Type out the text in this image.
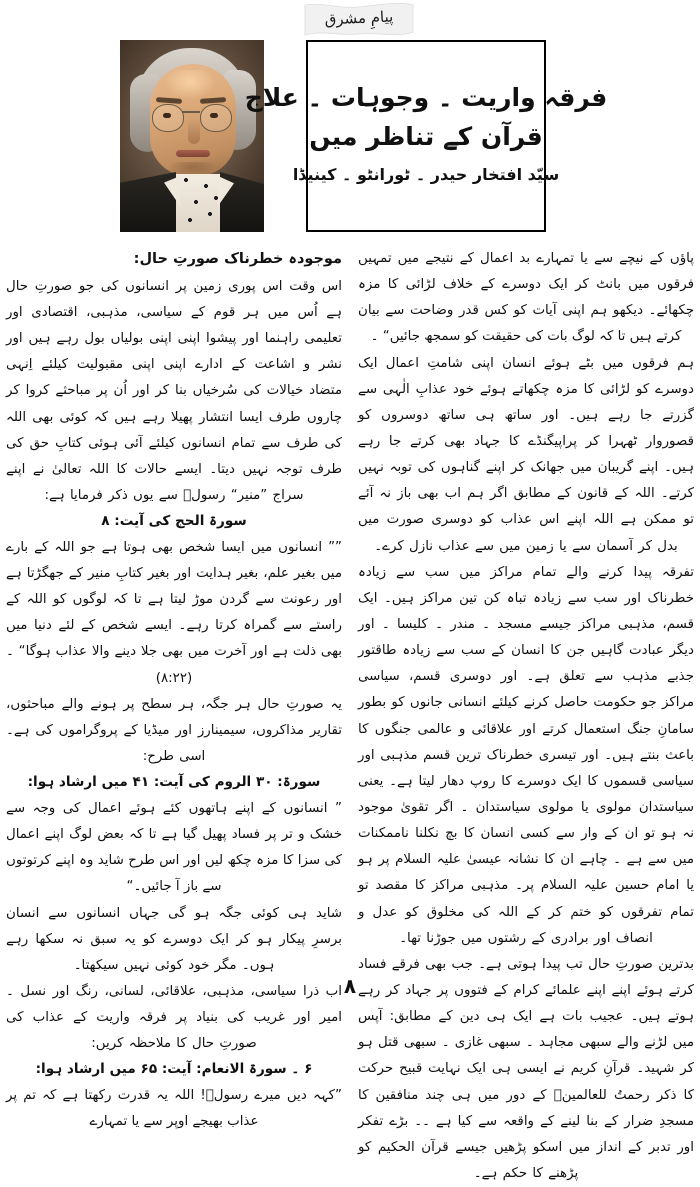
پیامِ مشرق
فرقہ واریت ۔ وجوہات ۔ علاج
قرآن کے تناظر میں
سیّد افتخار حیدر ۔ ٹورانٹو ۔ کینیڈا

پاؤں کے نیچے سے یا تمہارے بد اعمال کے نتیجے میں تمہیں فرقوں میں بانٹ کر ایک دوسرے کے خلاف لڑائی کا مزہ چکھائے۔ دیکھو ہم اپنی آیات کو کس قدر وضاحت سے بیان کرتے ہیں تا کہ لوگ بات کی حقیقت کو سمجھ جائیں“ ۔

ہم فرقوں میں بٹے ہوئے انسان اپنی شامتِ اعمال ایک دوسرے کو لڑائی کا مزہ چکھاتے ہوئے خود عذابِ الٰہی سے گزرتے جا رہے ہیں۔ اور ساتھ ہی ساتھ دوسروں کو قصوروار ٹھہرا کر پراپیگنڈے کا جہاد بھی کرتے جا رہے ہیں۔ اپنے گریبان میں جھانک کر اپنے گناہوں کی توبہ نہیں کرتے۔ اللہ کے قانون کے مطابق اگر ہم اب بھی باز نہ آئے تو ممکن ہے اللہ اپنے اس عذاب کو دوسری صورت میں بدل کر آسمان سے یا زمین میں سے عذاب نازل کرے۔

تفرقہ پیدا کرنے والے تمام مراکز میں سب سے زیادہ خطرناک اور سب سے زیادہ تباہ کن تین مراکز ہیں۔ ایک قسم، مذہبی مراکز جیسے مسجد ۔ مندر ۔ کلیسا ۔ اور دیگر عبادت گاہیں جن کا انسان کے سب سے زیادہ طاقتور جذبے مذہب سے تعلق ہے۔ اور دوسری قسم، سیاسی مراکز جو حکومت حاصل کرنے کیلئے انسانی جانوں کو بطور سامانِ جنگ استعمال کرتے اور علاقائی و عالمی جنگوں کا باعث بنتے ہیں۔ اور تیسری خطرناک ترین قسم مذہبی اور سیاسی قسموں کا ایک دوسرے کا روپ دھار لیتا ہے۔ یعنی سیاستدان مولوی یا مولوی سیاستدان ۔ اگر تقویٰ موجود نہ ہو تو ان کے وار سے کسی انسان کا بچ نکلنا ناممکنات میں سے ہے ۔ چاہے ان کا نشانہ عیسیٰ علیہ السلام پر ہو یا امام حسین علیہ السلام پر۔ مذہبی مراکز کا مقصد تو تمام تفرقوں کو ختم کر کے اللہ کی مخلوق کو عدل و انصاف اور برادری کے رشتوں میں جوڑنا تھا۔

بدترین صورتِ حال تب پیدا ہوتی ہے۔ جب بھی فرقے فساد کرتے ہوئے اپنے اپنے علمائے کرام کے فتووں پر جہاد کر رہے ہوتے ہیں۔ عجیب بات ہے ایک ہی دین کے مطابق: آپس میں لڑنے والے سبھی مجاہد ۔ سبھی غازی ۔ سبھی قتل ہو کر شہید۔ قرآنِ کریم نے ایسی ہی ایک نہایت قبیح حرکت کا ذکر رحمتُ للعالمینؐ کے دور میں ہی چند منافقین کا مسجدِ ضرار کے بنا لینے کے واقعہ سے کیا ہے ۔۔ بڑے تفکر اور تدبر کے انداز میں اسکو پڑھیں جیسے قرآن الحکیم کو پڑھنے کا حکم ہے۔

موجودہ خطرناک صورتِ حال:

اس وقت اس پوری زمین پر انسانوں کی جو صورتِ حال ہے اُس میں ہر قوم کے سیاسی، مذہبی، اقتصادی اور تعلیمی راہنما اور پیشوا اپنی اپنی بولیاں بول رہے ہیں اور نشر و اشاعت کے ادارے اپنی اپنی مقبولیت کیلئے اِنہی متضاد خیالات کی سُرخیاں بنا کر اور اُن پر مباحثے کروا کر چاروں طرف ایسا انتشار پھیلا رہے ہیں کہ کوئی بھی اللہ کی طرف سے تمام انسانوں کیلئے آئی ہوئی کتابِ حق کی طرف توجہ نہیں دیتا۔ ایسے حالات کا اللہ تعالیٰ نے اپنے سراج ”منیر“ رسولؐ سے یوں ذکر فرمایا ہے:

سورۃ الحج کی آیت: ۸

”” انسانوں میں ایسا شخص بھی ہوتا ہے جو اللہ کے بارے میں بغیر علم، بغیر ہدایت اور بغیر کتابِ منیر کے جھگڑتا ہے اور رعونت سے گردن موڑ لیتا ہے تا کہ لوگوں کو اللہ کے راستے سے گمراہ کرتا رہے۔ ایسے شخص کے لئے دنیا میں بھی ذلت ہے اور آخرت میں بھی جلا دینے والا عذاب ہوگا“ ۔ (۸:۲۲)

یہ صورتِ حال ہر جگہ، ہر سطح پر ہونے والے مباحثوں، تقاریر مذاکروں، سیمینارز اور میڈیا کے پروگراموں کی ہے۔ اسی طرح:

سورۃ: ۳۰ الروم کی آیت: ۴۱ میں ارشاد ہوا:

” انسانوں کے اپنے ہاتھوں کئے ہوئے اعمال کی وجہ سے خشک و تر پر فساد پھیل گیا ہے تا کہ بعض لوگ اپنے اعمال کی سزا کا مزہ چکھ لیں اور اس طرح شاید وہ اپنے کرتوتوں سے باز آ جائیں۔“

شاید ہی کوئی جگہ ہو گی جہاں انسانوں سے انسان برسرِ پیکار ہو کر ایک دوسرے کو یہ سبق نہ سکھا رہے ہوں۔ مگر خود کوئی نہیں سیکھتا۔

اب ذرا سیاسی، مذہبی، علاقائی، لسانی، رنگ اور نسل ۔ امیر اور غریب کی بنیاد پر فرقہ واریت کے عذاب کی صورتِ حال کا ملاحظہ کریں:

۶ ۔ سورۃ الانعام: آیت: ۶۵ میں ارشاد ہوا:

”کہہ دیں میرے رسولؐ! اللہ یہ قدرت رکھتا ہے کہ تم پر عذاب بھیجے اوپر سے یا تمہارے

۸
